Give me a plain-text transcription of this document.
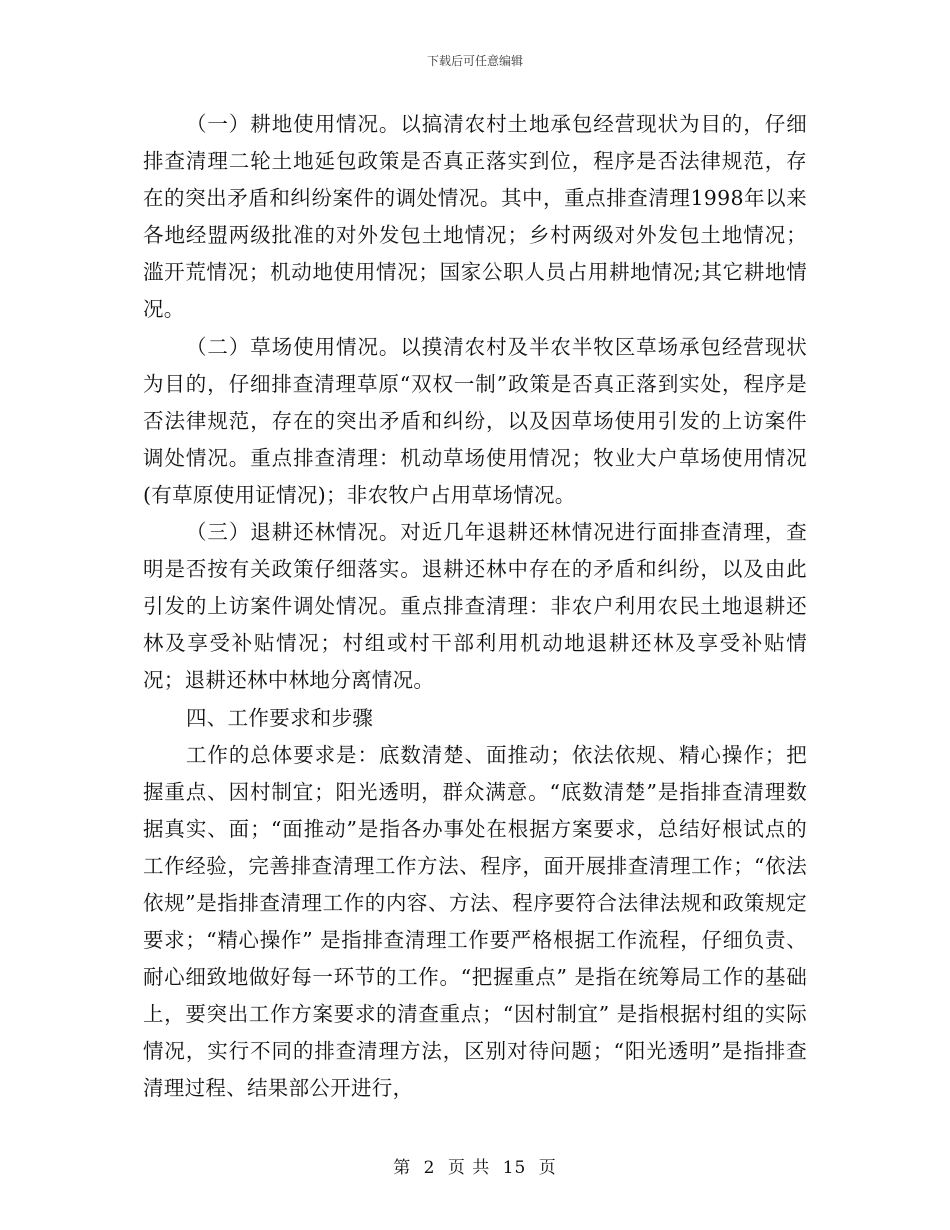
下载后可任意编辑

（一）耕地使用情况。以搞清农村土地承包经营现状为目的，仔细排查清理二轮土地延包政策是否真正落实到位，程序是否法律规范，存在的突出矛盾和纠纷案件的调处情况。其中，重点排查清理1998年以来各地经盟两级批准的对外发包土地情况；乡村两级对外发包土地情况；滥开荒情况；机动地使用情况；国家公职人员占用耕地情况;其它耕地情况。

（二）草场使用情况。以摸清农村及半农半牧区草场承包经营现状为目的，仔细排查清理草原“双权一制”政策是否真正落到实处，程序是否法律规范，存在的突出矛盾和纠纷，以及因草场使用引发的上访案件调处情况。重点排查清理：机动草场使用情况；牧业大户草场使用情况(有草原使用证情况)；非农牧户占用草场情况。

（三）退耕还林情况。对近几年退耕还林情况进行面排查清理，查明是否按有关政策仔细落实。退耕还林中存在的矛盾和纠纷，以及由此引发的上访案件调处情况。重点排查清理：非农户利用农民土地退耕还林及享受补贴情况；村组或村干部利用机动地退耕还林及享受补贴情况；退耕还林中林地分离情况。

四、工作要求和步骤

工作的总体要求是：底数清楚、面推动；依法依规、精心操作；把握重点、因村制宜；阳光透明，群众满意。“底数清楚”是指排查清理数据真实、面；“面推动”是指各办事处在根据方案要求，总结好根试点的工作经验，完善排查清理工作方法、程序，面开展排查清理工作；“依法依规”是指排查清理工作的内容、方法、程序要符合法律法规和政策规定要求；“精心操作” 是指排查清理工作要严格根据工作流程，仔细负责、耐心细致地做好每一环节的工作。“把握重点” 是指在统筹局工作的基础上，要突出工作方案要求的清查重点；“因村制宜” 是指根据村组的实际情况，实行不同的排查清理方法，区别对待问题；“阳光透明”是指排查清理过程、结果部公开进行，

第 2 页 共 15 页
